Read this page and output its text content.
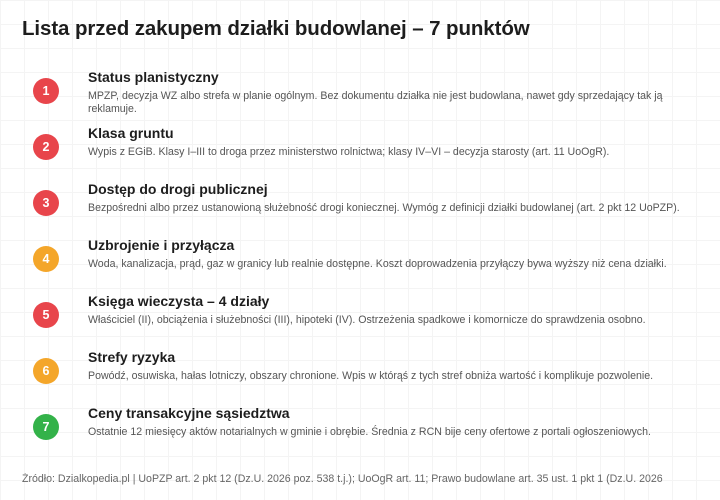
Lista przed zakupem działki budowlanej – 7 punktów
1
Status planistyczny
MPZP, decyzja WZ albo strefa w planie ogólnym. Bez dokumentu działka nie jest budowlana, nawet gdy sprzedający tak ją reklamuje.
2
Klasa gruntu
Wypis z EGiB. Klasy I–III to droga przez ministerstwo rolnictwa; klasy IV–VI – decyzja starosty (art. 11 UoOgR).
3
Dostęp do drogi publicznej
Bezpośredni albo przez ustanowioną służebność drogi koniecznej. Wymóg z definicji działki budowlanej (art. 2 pkt 12 UoPZP).
4
Uzbrojenie i przyłącza
Woda, kanalizacja, prąd, gaz w granicy lub realnie dostępne. Koszt doprowadzenia przyłączy bywa wyższy niż cena działki.
5
Księga wieczysta – 4 działy
Właściciel (II), obciążenia i służebności (III), hipoteki (IV). Ostrzeżenia spadkowe i komornicze do sprawdzenia osobno.
6
Strefy ryzyka
Powódź, osuwiska, hałas lotniczy, obszary chronione. Wpis w którąś z tych stref obniża wartość i komplikuje pozwolenie.
7
Ceny transakcyjne sąsiedztwa
Ostatnie 12 miesięcy aktów notarialnych w gminie i obrębie. Średnia z RCN bije ceny ofertowe z portali ogłoszeniowych.
Źródło: Dzialkopedia.pl | UoPZP art. 2 pkt 12 (Dz.U. 2026 poz. 538 t.j.); UoOgR art. 11; Prawo budowlane art. 35 ust. 1 pkt 1 (Dz.U. 2026
